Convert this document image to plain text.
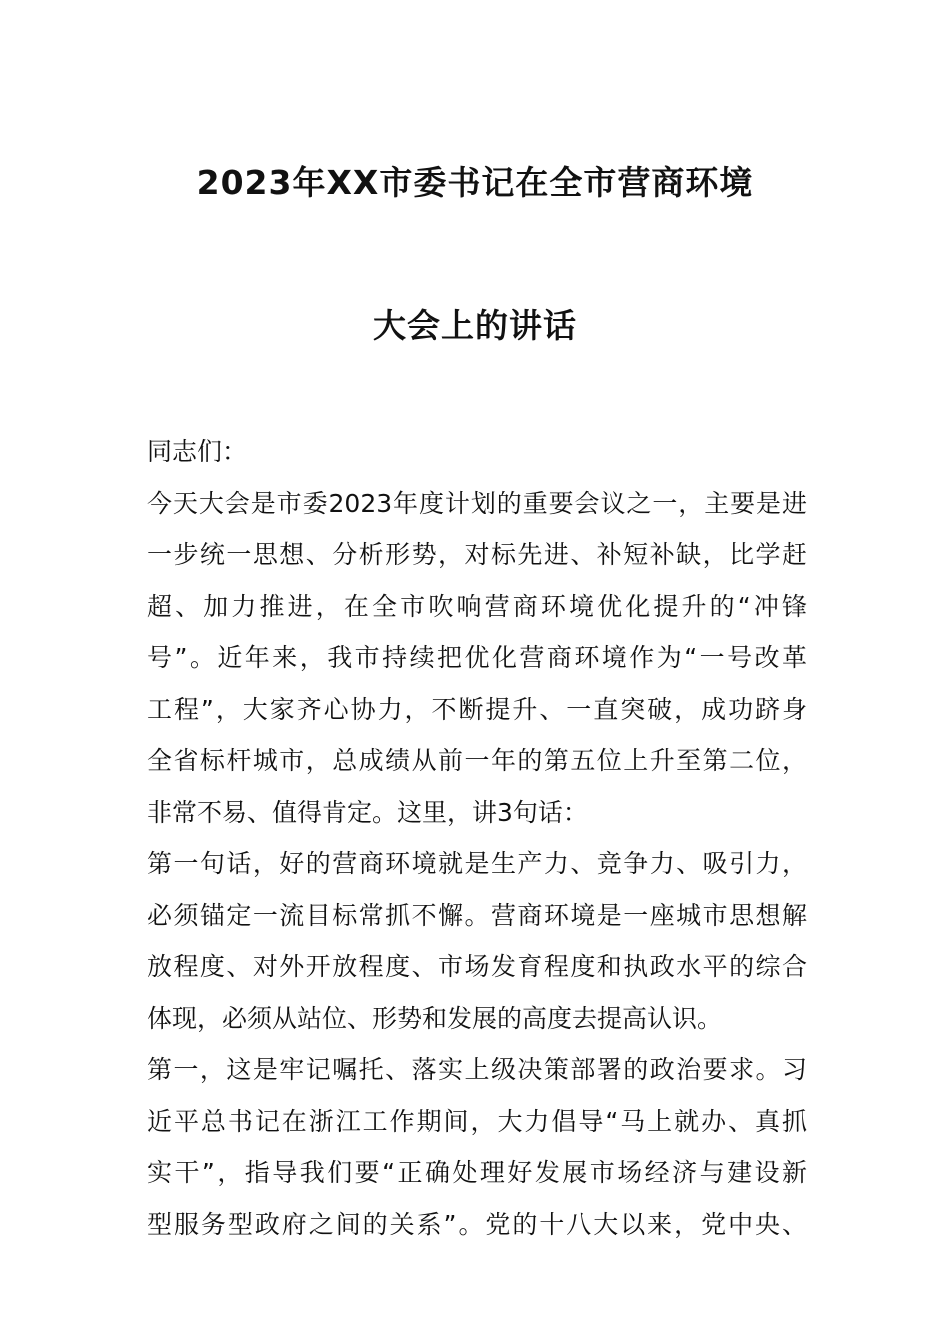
2023年XX市委书记在全市营商环境
大会上的讲话
同志们：
今天大会是市委2023年度计划的重要会议之一，主要是进
一步统一思想、分析形势，对标先进、补短补缺，比学赶
超、加力推进，在全市吹响营商环境优化提升的“冲锋
号”。近年来，我市持续把优化营商环境作为“一号改革
工程”，大家齐心协力，不断提升、一直突破，成功跻身
全省标杆城市，总成绩从前一年的第五位上升至第二位，
非常不易、值得肯定。这里，讲3句话：
第一句话，好的营商环境就是生产力、竞争力、吸引力，
必须锚定一流目标常抓不懈。营商环境是一座城市思想解
放程度、对外开放程度、市场发育程度和执政水平的综合
体现，必须从站位、形势和发展的高度去提高认识。
第一，这是牢记嘱托、落实上级决策部署的政治要求。习
近平总书记在浙江工作期间，大力倡导“马上就办、真抓
实干”，指导我们要“正确处理好发展市场经济与建设新
型服务型政府之间的关系”。党的十八大以来，党中央、
